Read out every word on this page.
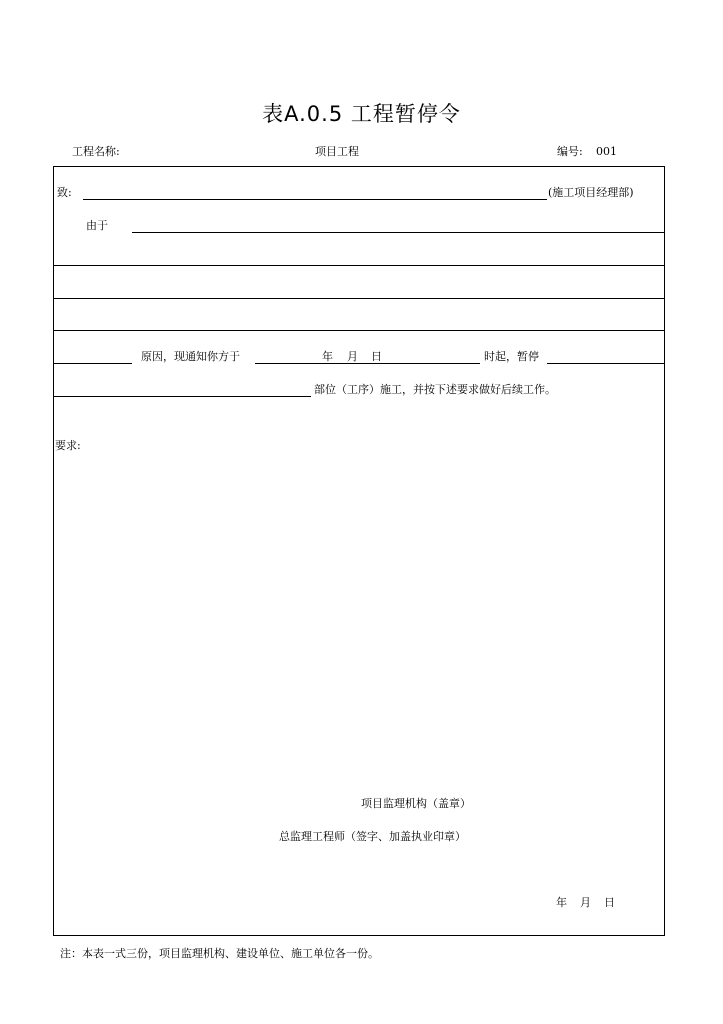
表A.0.5 工程暂停令
工程名称:	项目工程	编号: 001
致:	(施工项目经理部)
由于
原因，现通知你方于	年 月 日	时起，暂停
部位（工序）施工，并按下述要求做好后续工作。
要求:
项目监理机构（盖章）
总监理工程师（签字、加盖执业印章）
年 月 日
注：本表一式三份，项目监理机构、建设单位、施工单位各一份。
